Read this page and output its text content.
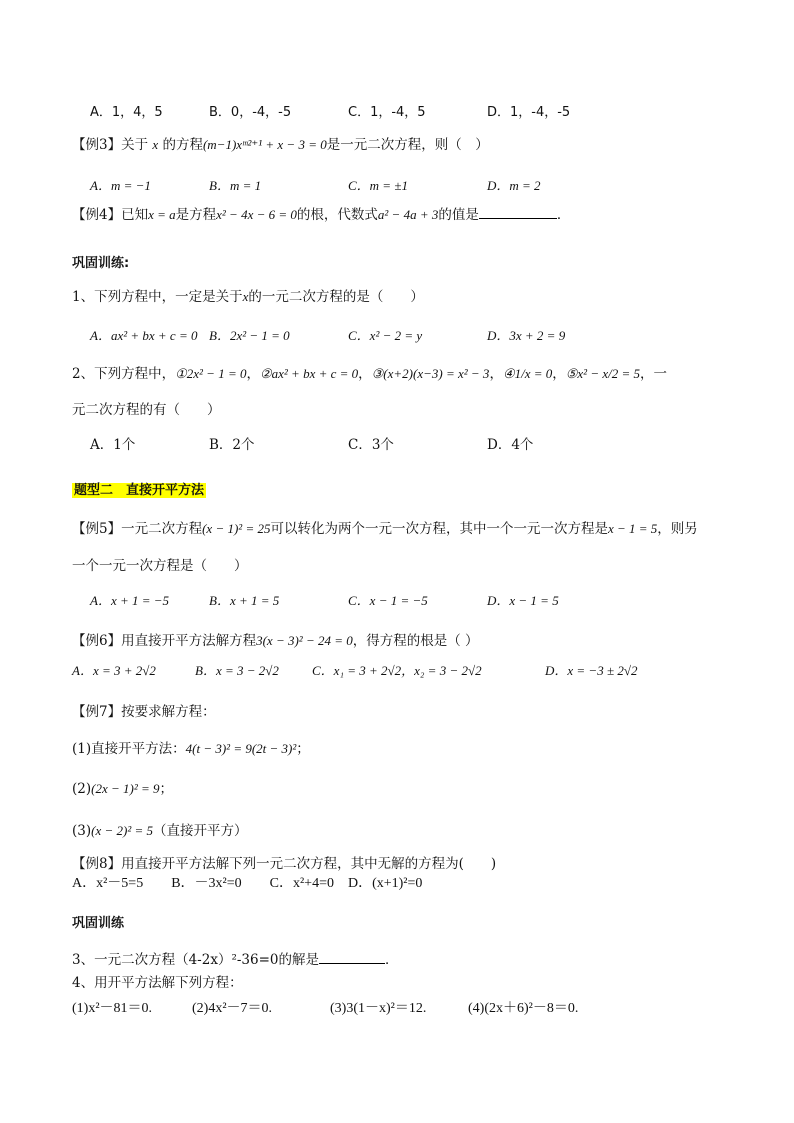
A．1，4，5	B．0，-4，-5	C．1，-4，5	D．1，-4，-5
【例3】关于 x 的方程(m−1)xᵐ²⁺¹ + x − 3 = 0是一元二次方程，则（　）
A．m = −1	B．m = 1	C．m = ±1	D．m = 2
【例4】已知x = a是方程x² − 4x − 6 = 0的根，代数式a² − 4a + 3的值是	．
巩固训练:
1、下列方程中，一定是关于x的一元二次方程的是（　　）
A．ax² + bx + c = 0 B．2x² − 1 = 0	C．x² − 2 = y	D．3x + 2 = 9
2、下列方程中，①2x² − 1 = 0，②ax² + bx + c = 0，③(x+2)(x−3) = x² − 3，④1/x = 0，⑤x² − x/2 = 5，一
元二次方程的有（　　）
A．1个	B．2个	C．3个	D．4个
题型二　直接开平方法
【例5】一元二次方程(x − 1)² = 25可以转化为两个一元一次方程，其中一个一元一次方程是x − 1 = 5，则另
一个一元一次方程是（　　）
A．x + 1 = −5	B．x + 1 = 5	C．x − 1 = −5	D．x − 1 = 5
【例6】用直接开平方法解方程3(x − 3)² − 24 = 0，得方程的根是（ ）
A．x = 3 + 2√2	B．x = 3 − 2√2	C．x₁ = 3 + 2√2，x₂ = 3 − 2√2	D．x = −3 ± 2√2
【例7】按要求解方程：
(1)直接开平方法：4(t − 3)² = 9(2t − 3)²；
(2)(2x − 1)² = 9；
(3)(x − 2)² = 5（直接开平方）
【例8】用直接开平方法解下列一元二次方程，其中无解的方程为(　　)
A．x²－5=5　　B．－3x²=0　　C．x²+4=0　D．(x+1)²=0
巩固训练
3、一元二次方程（4-2x）²-36=0的解是	．
4、用开平方法解下列方程：
(1)x²－81＝0.	(2)4x²－7＝0.	(3)3(1－x)²＝12.	(4)(2x＋6)²－8＝0.
